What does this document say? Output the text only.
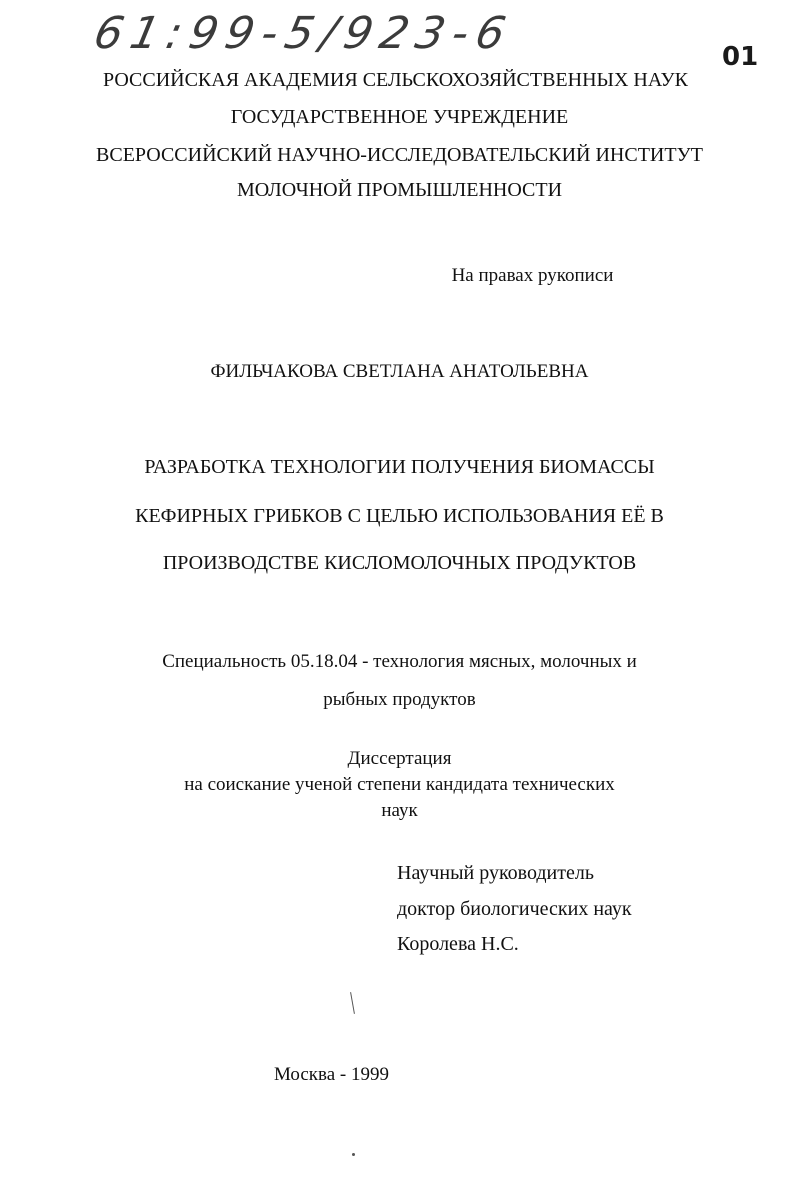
61:99-5/923-6	01
РОССИЙСКАЯ АКАДЕМИЯ СЕЛЬСКОХОЗЯЙСТВЕННЫХ НАУК
ГОСУДАРСТВЕННОЕ УЧРЕЖДЕНИЕ
ВСЕРОССИЙСКИЙ НАУЧНО-ИССЛЕДОВАТЕЛЬСКИЙ ИНСТИТУТ
МОЛОЧНОЙ ПРОМЫШЛЕННОСТИ
На правах рукописи
ФИЛЬЧАКОВА СВЕТЛАНА АНАТОЛЬЕВНА
РАЗРАБОТКА ТЕХНОЛОГИИ ПОЛУЧЕНИЯ БИОМАССЫ
КЕФИРНЫХ ГРИБКОВ С ЦЕЛЬЮ ИСПОЛЬЗОВАНИЯ ЕЁ В
ПРОИЗВОДСТВЕ КИСЛОМОЛОЧНЫХ ПРОДУКТОВ
Специальность 05.18.04 - технология мясных, молочных и
рыбных продуктов
Диссертация
на соискание ученой степени кандидата технических
наук
Научный руководитель
доктор биологических наук
Королева Н.С.
Москва - 1999
